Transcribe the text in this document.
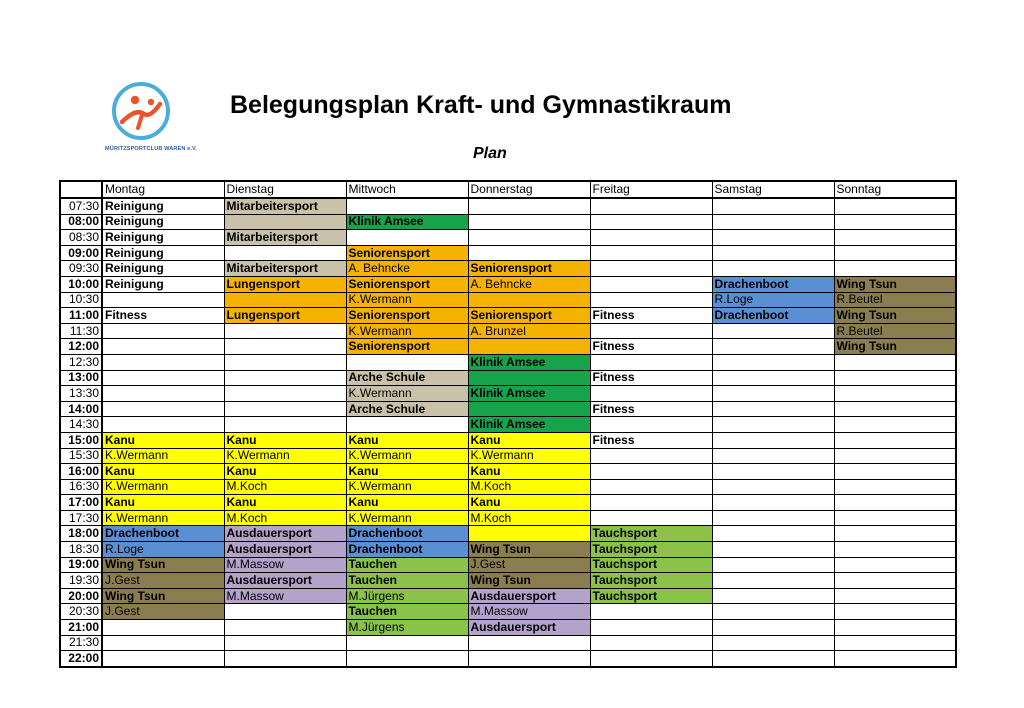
MÜRITZSPORTCLUB WAREN e.V.
Belegungsplan Kraft- und Gymnastikraum
Plan
	Montag	Dienstag	Mittwoch	Donnerstag	Freitag	Samstag	Sonntag
07:30	Reinigung	Mitarbeitersport					
08:00	Reinigung		Klinik Amsee				
08:30	Reinigung	Mitarbeitersport					
09:00	Reinigung		Seniorensport				
09:30	Reinigung	Mitarbeitersport	A. Behncke	Seniorensport			
10:00	Reinigung	Lungensport	Seniorensport	A. Behncke		Drachenboot	Wing Tsun
10:30			K.Wermann			R.Loge	R.Beutel
11:00	Fitness	Lungensport	Seniorensport	Seniorensport	Fitness	Drachenboot	Wing Tsun
11:30			K.Wermann	A. Brunzel			R.Beutel
12:00			Seniorensport		Fitness		Wing Tsun
12:30				Klinik Amsee			
13:00			Arche Schule		Fitness		
13:30			K.Wermann	Klinik Amsee			
14:00			Arche Schule		Fitness		
14:30				Klinik Amsee			
15:00	Kanu	Kanu	Kanu	Kanu	Fitness		
15:30	K.Wermann	K.Wermann	K.Wermann	K.Wermann			
16:00	Kanu	Kanu	Kanu	Kanu			
16:30	K.Wermann	M.Koch	K.Wermann	M.Koch			
17:00	Kanu	Kanu	Kanu	Kanu			
17:30	K.Wermann	M.Koch	K.Wermann	M.Koch			
18:00	Drachenboot	Ausdauersport	Drachenboot		Tauchsport		
18:30	R.Loge	Ausdauersport	Drachenboot	Wing Tsun	Tauchsport		
19:00	Wing Tsun	M.Massow	Tauchen	J.Gest	Tauchsport		
19:30	J.Gest	Ausdauersport	Tauchen	Wing Tsun	Tauchsport		
20:00	Wing Tsun	M.Massow	M.Jürgens	Ausdauersport	Tauchsport		
20:30	J.Gest		Tauchen	M.Massow			
21:00			M.Jürgens	Ausdauersport			
21:30							
22:00							
